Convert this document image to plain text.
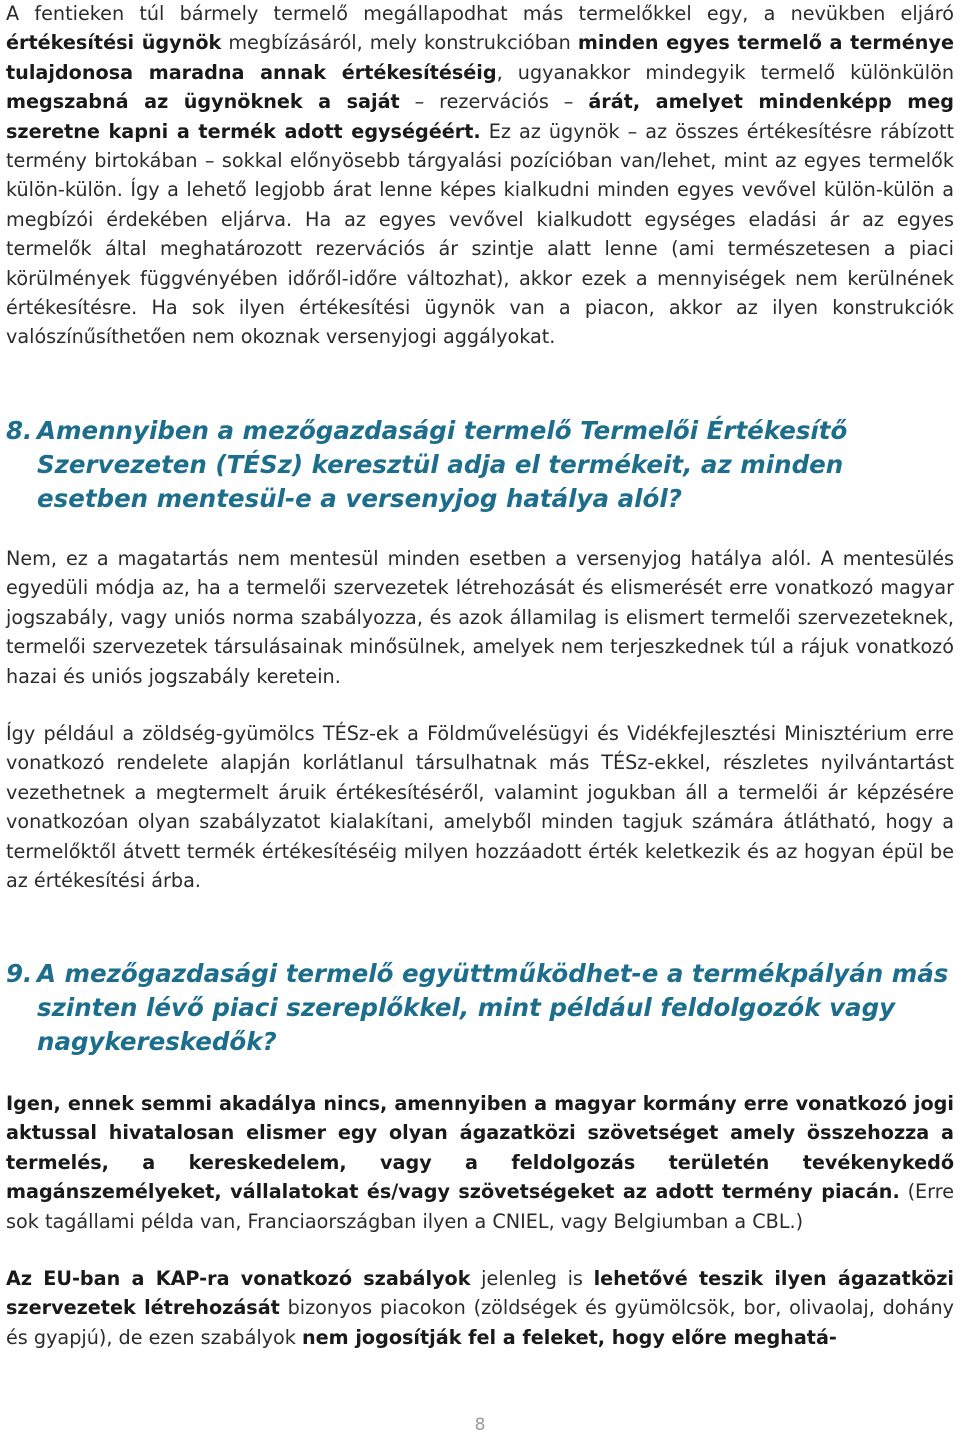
A fentieken túl bármely termelő megállapodhat más termelőkkel egy, a nevükben eljáró értékesítési ügynök megbízásáról, mely konstrukcióban minden egyes termelő a terménye tulajdonosa maradna annak értékesítéséig, ugyanakkor mindegyik termelő különkülön megszabná az ügynöknek a saját – rezervációs – árát, amelyet mindenképp meg szeretne kapni a termék adott egységéért. Ez az ügynök – az összes értékesítésre rábízott termény birtokában – sokkal előnyösebb tárgyalási pozícióban van/lehet, mint az egyes termelők külön-külön. Így a lehető legjobb árat lenne képes kialkudni minden egyes vevővel külön-külön a megbízói érdekében eljárva. Ha az egyes vevővel kialkudott egységes eladási ár az egyes termelők által meghatározott rezervációs ár szintje alatt lenne (ami természetesen a piaci körülmények függvényében időről-időre változhat), akkor ezek a mennyiségek nem kerülnének értékesítésre. Ha sok ilyen értékesítési ügynök van a piacon, akkor az ilyen konstrukciók valószínűsíthetően nem okoznak versenyjogi aggályokat.

8. Amennyiben a mezőgazdasági termelő Termelői Értékesítő Szervezeten (TÉSz) keresztül adja el termékeit, az minden esetben mentesül-e a versenyjog hatálya alól?

Nem, ez a magatartás nem mentesül minden esetben a versenyjog hatálya alól. A mentesülés egyedüli módja az, ha a termelői szervezetek létrehozását és elismerését erre vonatkozó magyar jogszabály, vagy uniós norma szabályozza, és azok államilag is elismert termelői szervezeteknek, termelői szervezetek társulásainak minősülnek, amelyek nem terjeszkednek túl a rájuk vonatkozó hazai és uniós jogszabály keretein.

Így például a zöldség-gyümölcs TÉSz-ek a Földművelésügyi és Vidékfejlesztési Minisztérium erre vonatkozó rendelete alapján korlátlanul társulhatnak más TÉSz-ekkel, részletes nyilvántartást vezethetnek a megtermelt áruik értékesítéséről, valamint jogukban áll a termelői ár képzésére vonatkozóan olyan szabályzatot kialakítani, amelyből minden tagjuk számára átlátható, hogy a termelőktől átvett termék értékesítéséig milyen hozzáadott érték keletkezik és az hogyan épül be az értékesítési árba.

9. A mezőgazdasági termelő együttműködhet-e a termékpályán más szinten lévő piaci szereplőkkel, mint például feldolgozók vagy nagykereskedők?

Igen, ennek semmi akadálya nincs, amennyiben a magyar kormány erre vonatkozó jogi aktussal hivatalosan elismer egy olyan ágazatközi szövetséget amely összehozza a termelés, a kereskedelem, vagy a feldolgozás területén tevékenykedő magánszemélyeket, vállalatokat és/vagy szövetségeket az adott termény piacán. (Erre sok tagállami példa van, Franciaországban ilyen a CNIEL, vagy Belgiumban a CBL.)

Az EU-ban a KAP-ra vonatkozó szabályok jelenleg is lehetővé teszik ilyen ágazatközi szervezetek létrehozását bizonyos piacokon (zöldségek és gyümölcsök, bor, olivaolaj, dohány és gyapjú), de ezen szabályok nem jogosítják fel a feleket, hogy előre meghatá-

8
